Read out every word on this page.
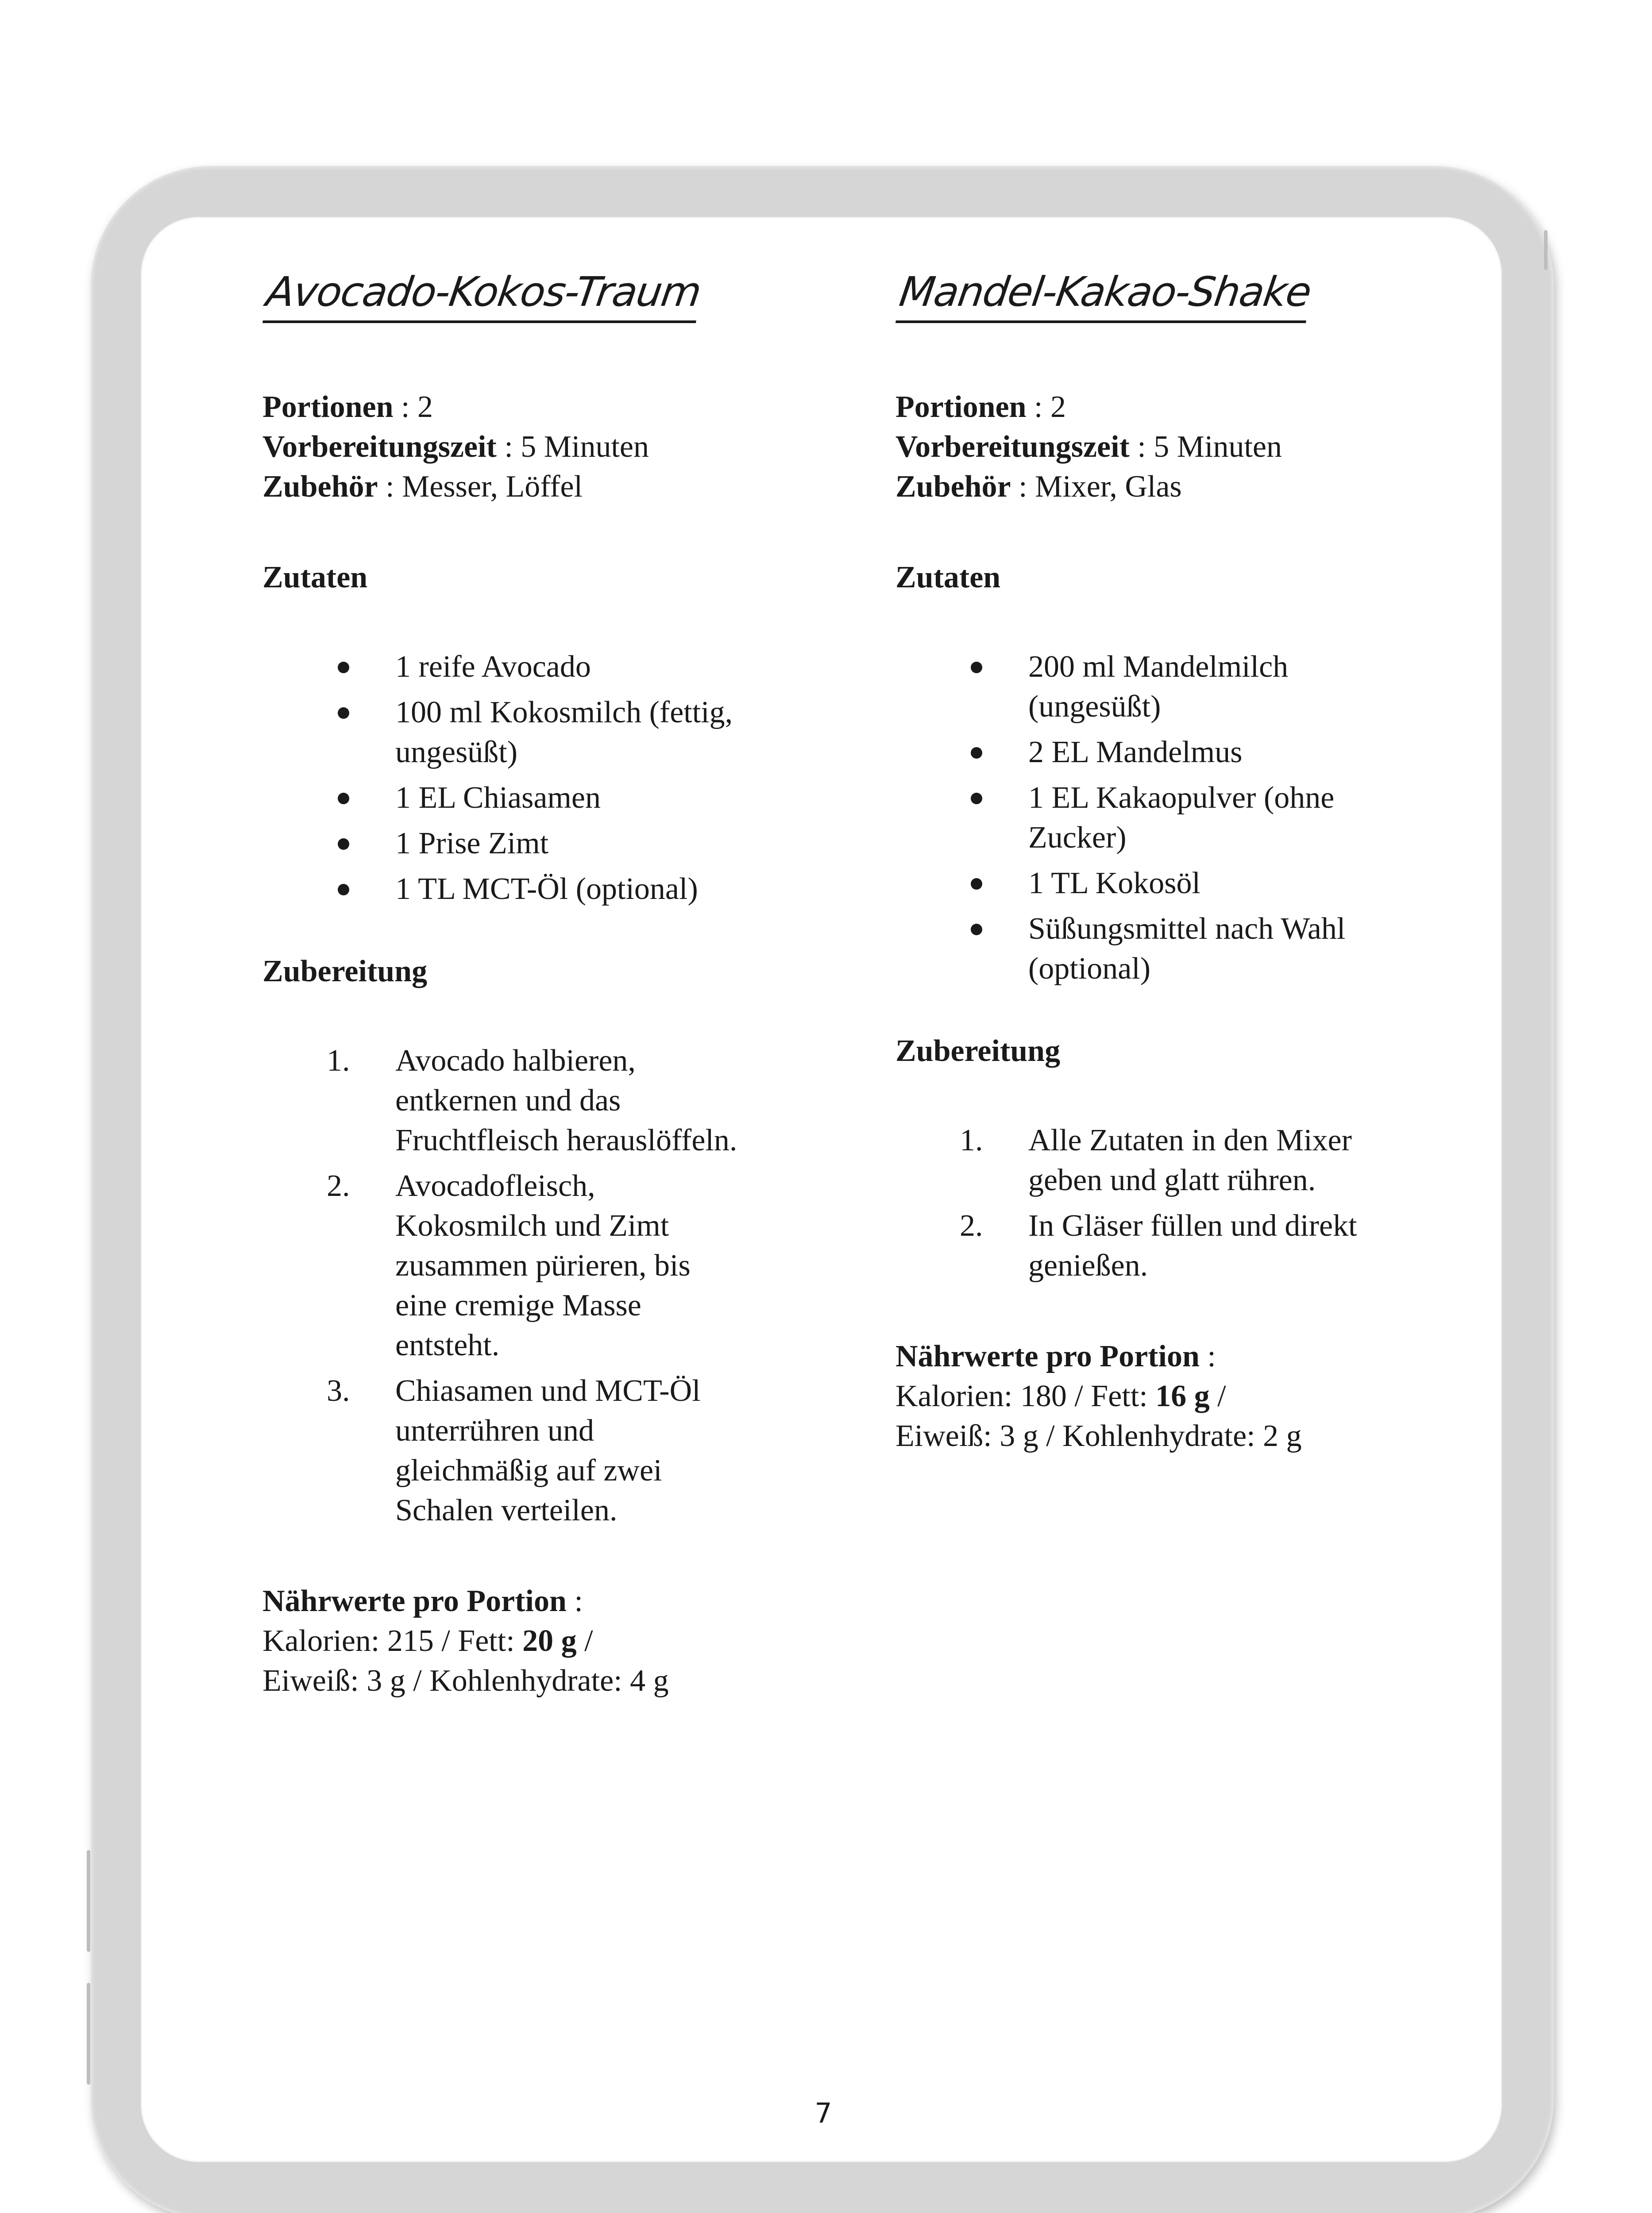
Avocado-Kokos-Traum
Portionen : 2
Vorbereitungszeit : 5 Minuten
Zubehör : Messer, Löffel
Zutaten
1 reife Avocado
100 ml Kokosmilch (fettig, ungesüßt)
1 EL Chiasamen
1 Prise Zimt
1 TL MCT-Öl (optional)
Zubereitung
1. Avocado halbieren, entkernen und das Fruchtfleisch herauslöffeln.
2. Avocadofleisch, Kokosmilch und Zimt zusammen pürieren, bis eine cremige Masse entsteht.
3. Chiasamen und MCT-Öl unterrühren und gleichmäßig auf zwei Schalen verteilen.
Nährwerte pro Portion :
Kalorien: 215 / Fett: 20 g /
Eiweiß: 3 g / Kohlenhydrate: 4 g
Mandel-Kakao-Shake
Portionen : 2
Vorbereitungszeit : 5 Minuten
Zubehör : Mixer, Glas
Zutaten
200 ml Mandelmilch (ungesüßt)
2 EL Mandelmus
1 EL Kakaopulver (ohne Zucker)
1 TL Kokosöl
Süßungsmittel nach Wahl (optional)
Zubereitung
1. Alle Zutaten in den Mixer geben und glatt rühren.
2. In Gläser füllen und direkt genießen.
Nährwerte pro Portion :
Kalorien: 180 / Fett: 16 g /
Eiweiß: 3 g / Kohlenhydrate: 2 g
7
